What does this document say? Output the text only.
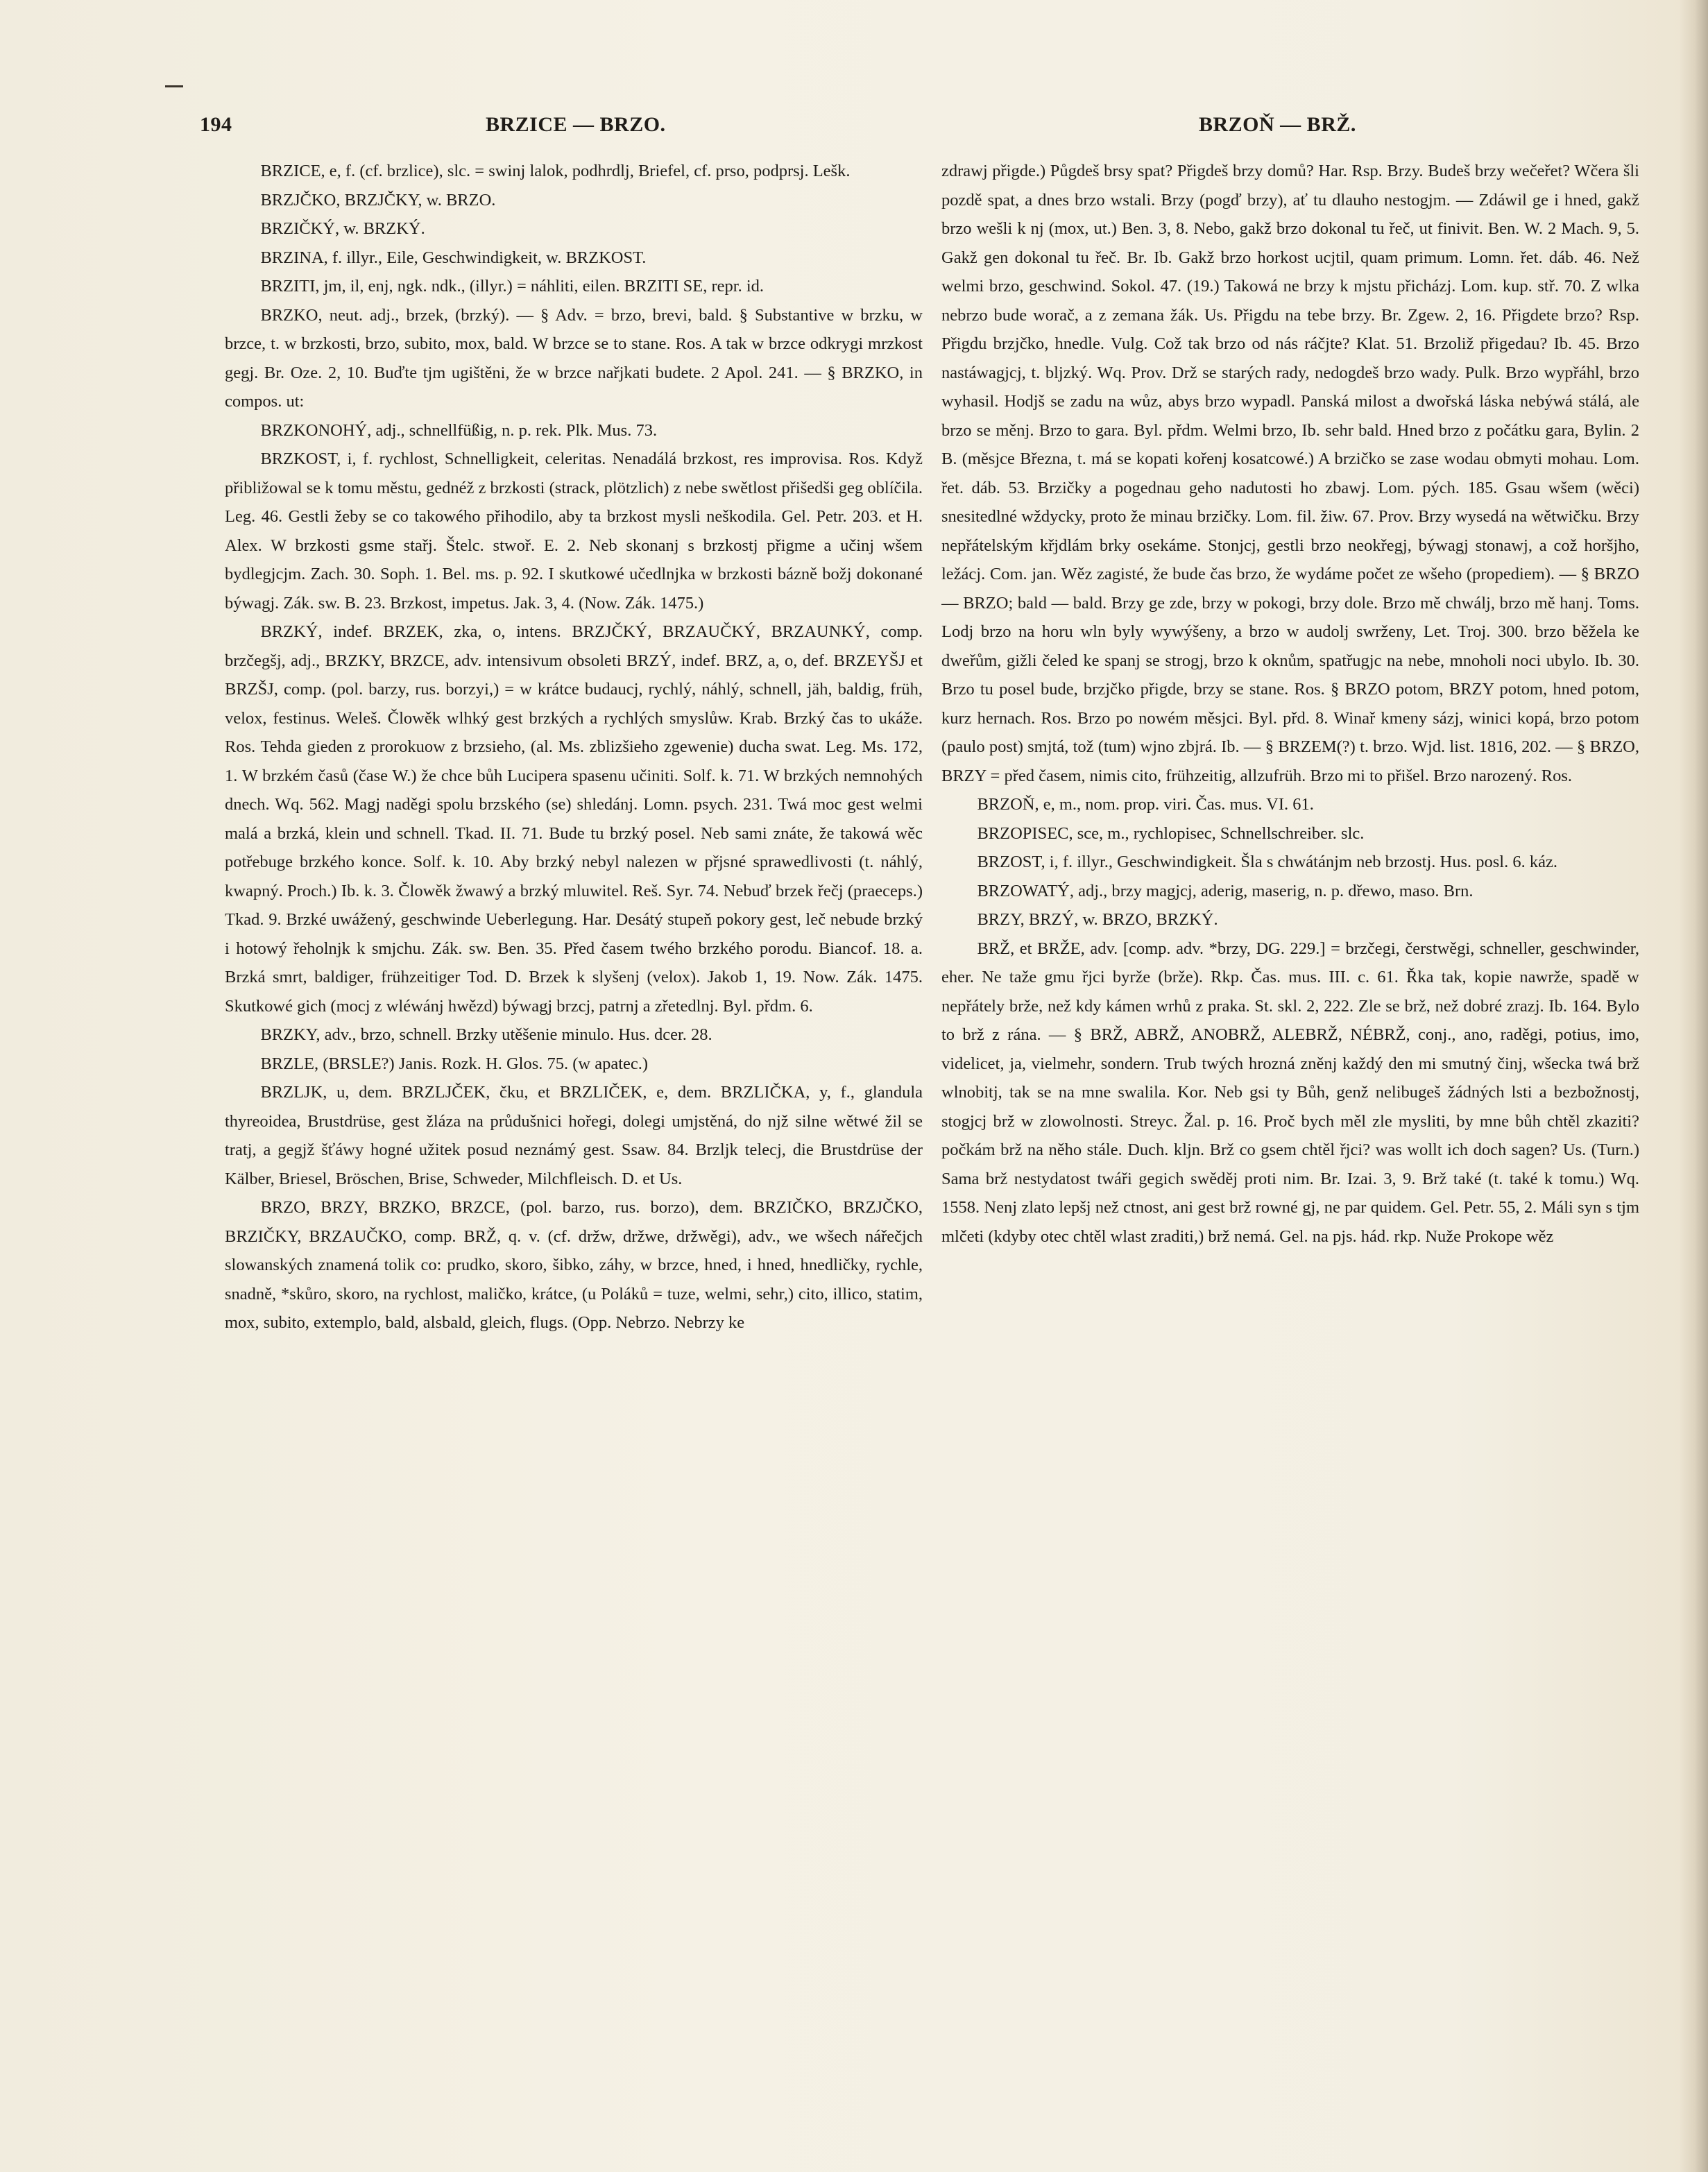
194	BRZICE — BRZO.	BRZOŇ — BRŽ.

BRZICE, e, f. (cf. brzlice), slc. = swinj lalok, podhrdlj, Briefel, cf. prso, podprsj. Lešk.

BRZJČKO, BRZJČKY, w. BRZO.

BRZIČKÝ, w. BRZKÝ.

BRZINA, f. illyr., Eile, Geschwindigkeit, w. BRZKOST.

BRZITI, jm, il, enj, ngk. ndk., (illyr.) = náhliti, eilen. BRZITI SE, repr. id.

BRZKO, neut. adj., brzek, (brzký). — § Adv. = brzo, brevi, bald. § Substantive w brzku, w brzce, t. w brzkosti, brzo, subito, mox, bald. W brzce se to stane. Ros. A tak w brzce odkrygi mrzkost gegj. Br. Oze. 2, 10. Buďte tjm ugištěni, že w brzce nařjkati budete. 2 Apol. 241. — § BRZKO, in compos. ut:

BRZKONOHÝ, adj., schnellfüßig, n. p. rek. Plk. Mus. 73.

BRZKOST, i, f. rychlost, Schnelligkeit, celeritas. Nenadálá brzkost, res improvisa. Ros. Když přibližowal se k tomu městu, gednéž z brzkosti (strack, plötzlich) z nebe swětlost přišedši geg oblíčila. Leg. 46. Gestli žeby se co takowého přihodilo, aby ta brzkost mysli neškodila. Gel. Petr. 203. et H. Alex. W brzkosti gsme stařj. Štelc. stwoř. E. 2. Neb skonanj s brzkostj přigme a učinj wšem bydlegjcjm. Zach. 30. Soph. 1. Bel. ms. p. 92. I skutkowé učedlnjka w brzkosti bázně božj dokonané býwagj. Zák. sw. B. 23. Brzkost, impetus. Jak. 3, 4. (Now. Zák. 1475.)

BRZKÝ, indef. BRZEK, zka, o, intens. BRZJČKÝ, BRZAUČKÝ, BRZAUNKÝ, comp. brzčegšj, adj., BRZKY, BRZCE, adv. intensivum obsoleti BRZÝ, indef. BRZ, a, o, def. BRZEYŠJ et BRZŠJ, comp. (pol. barzy, rus. borzyi,) = w krátce budaucj, rychlý, náhlý, schnell, jäh, baldig, früh, velox, festinus. Weleš. Člowěk wlhký gest brzkých a rychlých smyslůw. Krab. Brzký čas to ukáže. Ros. Tehda gieden z prorokuow z brzsieho, (al. Ms. zblizšieho zgewenie) ducha swat. Leg. Ms. 172, 1. W brzkém časů (čase W.) že chce bůh Lucipera spasenu učiniti. Solf. k. 71. W brzkých nemnohých dnech. Wq. 562. Magj naděgi spolu brzského (se) shledánj. Lomn. psych. 231. Twá moc gest welmi malá a brzká, klein und schnell. Tkad. II. 71. Bude tu brzký posel. Neb sami znáte, že takowá wěc potřebuge brzkého konce. Solf. k. 10. Aby brzký nebyl nalezen w přjsné sprawedlivosti (t. náhlý, kwapný. Proch.) Ib. k. 3. Člowěk žwawý a brzký mluwitel. Reš. Syr. 74. Nebuď brzek řečj (praeceps.) Tkad. 9. Brzké uwážený, geschwinde Ueberlegung. Har. Desátý stupeň pokory gest, leč nebude brzký i hotowý řeholnjk k smjchu. Zák. sw. Ben. 35. Před časem twého brzkého porodu. Biancof. 18. a. Brzká smrt, baldiger, frühzeitiger Tod. D. Brzek k slyšenj (velox). Jakob 1, 19. Now. Zák. 1475. Skutkowé gich (mocj z wléwánj hwězd) býwagj brzcj, patrnj a zřetedlnj. Byl. přdm. 6.

BRZKY, adv., brzo, schnell. Brzky utěšenie minulo. Hus. dcer. 28.

BRZLE, (BRSLE?) Janis. Rozk. H. Glos. 75. (w apatec.)

BRZLJK, u, dem. BRZLJČEK, čku, et BRZLIČEK, e, dem. BRZLIČKA, y, f., glandula thyreoidea, Brustdrüse, gest žláza na průdušnici hořegi, dolegi umjstěná, do njž silne wětwé žil se tratj, a gegjž šťáwy hogné užitek posud neznámý gest. Ssaw. 84. Brzljk telecj, die Brustdrüse der Kälber, Briesel, Bröschen, Brise, Schweder, Milchfleisch. D. et Us.

BRZO, BRZY, BRZKO, BRZCE, (pol. barzo, rus. borzo), dem. BRZIČKO, BRZJČKO, BRZIČKY, BRZAUČKO, comp. BRŽ, q. v. (cf. držw, držwe, držwěgi), adv., we wšech nářečjch slowanských znamená tolik co: prudko, skoro, šibko, záhy, w brzce, hned, i hned, hnedličky, rychle, snadně, *skůro, skoro, na rychlost, maličko, krátce, (u Poláků = tuze, welmi, sehr,) cito, illico, statim, mox, subito, extemplo, bald, alsbald, gleich, flugs. (Opp. Nebrzo. Nebrzy ke

zdrawj přigde.) Půgdeš brsy spat? Přigdeš brzy domů? Har. Rsp. Brzy. Budeš brzy wečeřet? Wčera šli pozdě spat, a dnes brzo wstali. Brzy (pogď brzy), ať tu dlauho nestogjm. — Zdáwil ge i hned, gakž brzo wešli k nj (mox, ut.) Ben. 3, 8. Nebo, gakž brzo dokonal tu řeč, ut finivit. Ben. W. 2 Mach. 9, 5. Gakž gen dokonal tu řeč. Br. Ib. Gakž brzo horkost ucjtil, quam primum. Lomn. řet. dáb. 46. Než welmi brzo, geschwind. Sokol. 47. (19.) Takowá ne brzy k mjstu přicházj. Lom. kup. stř. 70. Z wlka nebrzo bude worač, a z zemana žák. Us. Přigdu na tebe brzy. Br. Zgew. 2, 16. Přigdete brzo? Rsp. Přigdu brzjčko, hnedle. Vulg. Což tak brzo od nás ráčjte? Klat. 51. Brzoliž přigedau? Ib. 45. Brzo nastáwagjcj, t. bljzký. Wq. Prov. Drž se starých rady, nedogdeš brzo wady. Pulk. Brzo wypřáhl, brzo wyhasil. Hodjš se zadu na wůz, abys brzo wypadl. Panská milost a dwořská láska nebýwá stálá, ale brzo se měnj. Brzo to gara. Byl. přdm. Welmi brzo, Ib. sehr bald. Hned brzo z počátku gara, Bylin. 2 B. (měsjce Března, t. má se kopati kořenj kosatcowé.) A brzičko se zase wodau obmyti mohau. Lom. řet. dáb. 53. Brzičky a pogednau geho nadutosti ho zbawj. Lom. pých. 185. Gsau wšem (wěci) snesitedlné wždycky, proto že minau brzičky. Lom. fil. žiw. 67. Prov. Brzy wysedá na wětwičku. Brzy nepřátelským křjdlám brky osekáme. Stonjcj, gestli brzo neokřegj, býwagj stonawj, a což horšjho, ležácj. Com. jan. Wěz zagisté, že bude čas brzo, že wydáme počet ze wšeho (propediem). — § BRZO — BRZO; bald — bald. Brzy ge zde, brzy w pokogi, brzy dole. Brzo mě chwálj, brzo mě hanj. Toms. Lodj brzo na horu wln byly wywýšeny, a brzo w audolj swrženy, Let. Troj. 300. brzo běžela ke dweřům, gižli čeled ke spanj se strogj, brzo k oknům, spatřugjc na nebe, mnoholi noci ubylo. Ib. 30. Brzo tu posel bude, brzjčko přigde, brzy se stane. Ros. § BRZO potom, BRZY potom, hned potom, kurz hernach. Ros. Brzo po nowém měsjci. Byl. přd. 8. Winař kmeny sázj, winici kopá, brzo potom (paulo post) smjtá, tož (tum) wjno zbjrá. Ib. — § BRZEM(?) t. brzo. Wjd. list. 1816, 202. — § BRZO, BRZY = před časem, nimis cito, frühzeitig, allzufrüh. Brzo mi to přišel. Brzo narozený. Ros.

BRZOŇ, e, m., nom. prop. viri. Čas. mus. VI. 61.

BRZOPISEC, sce, m., rychlopisec, Schnellschreiber. slc.

BRZOST, i, f. illyr., Geschwindigkeit. Šla s chwátánjm neb brzostj. Hus. posl. 6. káz.

BRZOWATÝ, adj., brzy magjcj, aderig, maserig, n. p. dřewo, maso. Brn.

BRZY, BRZÝ, w. BRZO, BRZKÝ.

BRŽ, et BRŽE, adv. [comp. adv. *brzy, DG. 229.] = brzčegi, čerstwěgi, schneller, geschwinder, eher. Ne taže gmu řjci byrže (brže). Rkp. Čas. mus. III. c. 61. Řka tak, kopie nawrže, spadě w nepřátely brže, než kdy kámen wrhů z praka. St. skl. 2, 222. Zle se brž, než dobré zrazj. Ib. 164. Bylo to brž z rána. — § BRŽ, ABRŽ, ANOBRŽ, ALEBRŽ, NÉBRŽ, conj., ano, raděgi, potius, imo, videlicet, ja, vielmehr, sondern. Trub twých hrozná zněnj každý den mi smutný činj, wšecka twá brž wlnobitj, tak se na mne swalila. Kor. Neb gsi ty Bůh, genž nelibugeš žádných lsti a bezbožnostj, stogjcj brž w zlowolnosti. Streyc. Žal. p. 16. Proč bych měl zle mysliti, by mne bůh chtěl zkaziti? počkám brž na něho stále. Duch. kljn. Brž co gsem chtěl řjci? was wollt ich doch sagen? Us. (Turn.) Sama brž nestydatost twáři gegich swěděj proti nim. Br. Izai. 3, 9. Brž také (t. také k tomu.) Wq. 1558. Nenj zlato lepšj než ctnost, ani gest brž rowné gj, ne par quidem. Gel. Petr. 55, 2. Máli syn s tjm mlčeti (kdyby otec chtěl wlast zraditi,) brž nemá. Gel. na pjs. hád. rkp. Nuže Prokope wěz
